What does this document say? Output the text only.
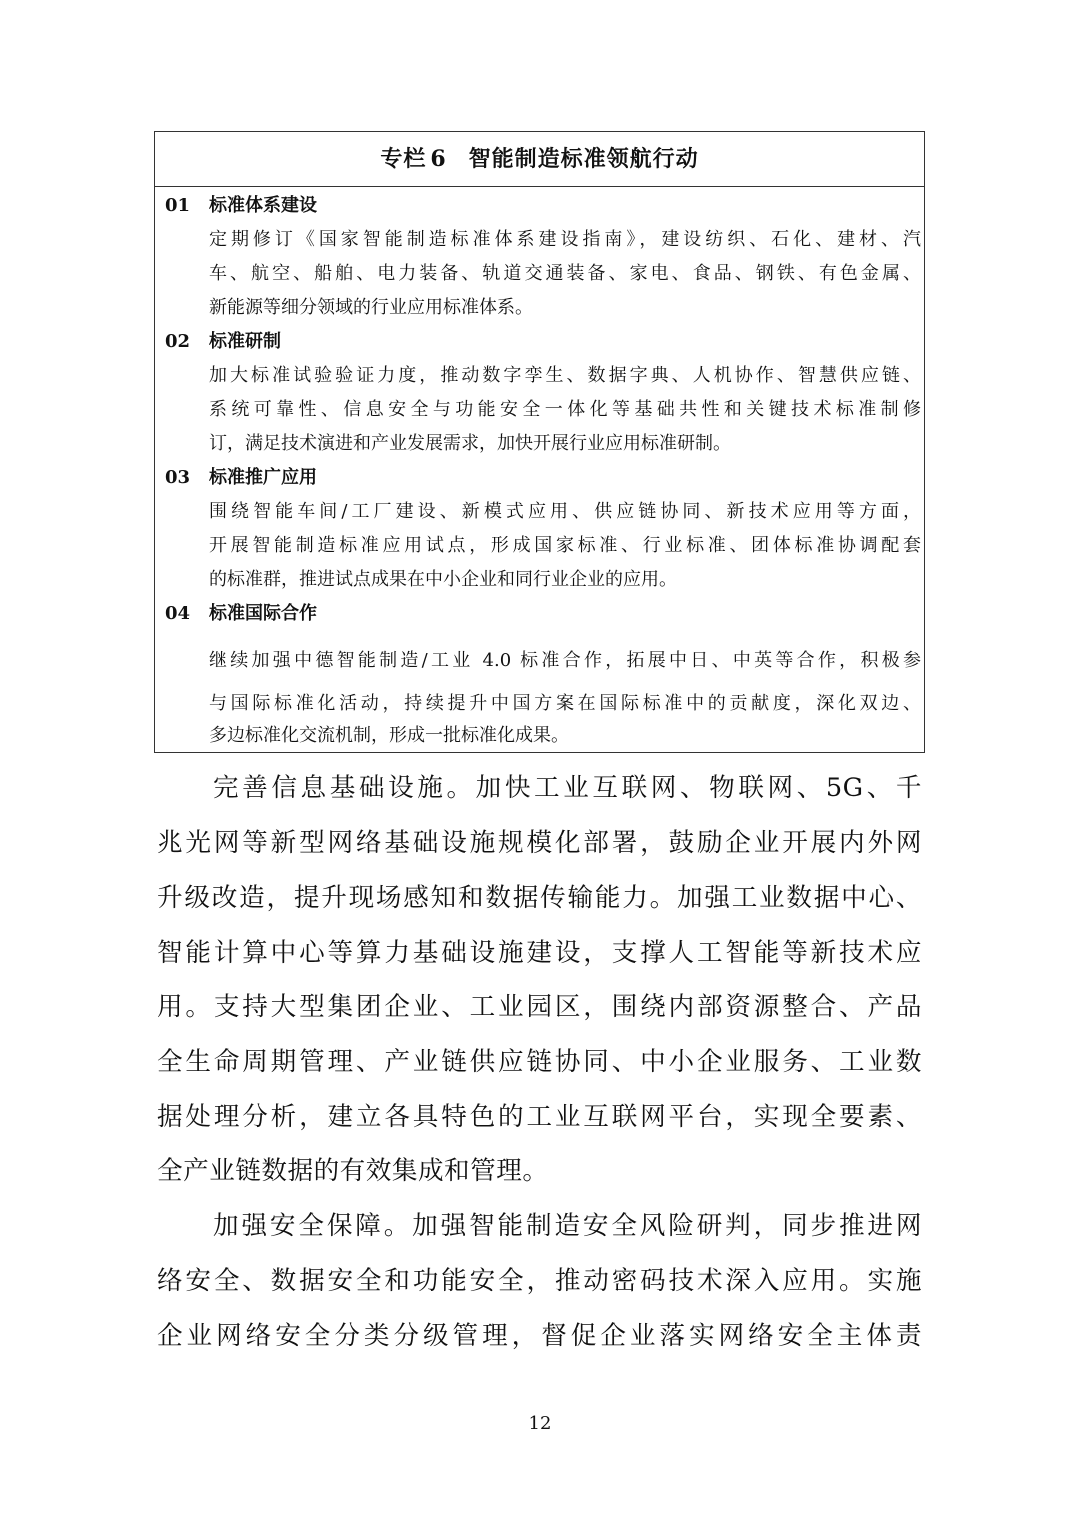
专栏 6 智能制造标准领航行动
01 标准体系建设
定期修订《国家智能制造标准体系建设指南》，建设纺织、石化、建材、汽
车、航空、船舶、电力装备、轨道交通装备、家电、食品、钢铁、有色金属、
新能源等细分领域的行业应用标准体系。
02 标准研制
加大标准试验验证力度，推动数字孪生、数据字典、人机协作、智慧供应链、
系统可靠性、信息安全与功能安全一体化等基础共性和关键技术标准制修
订，满足技术演进和产业发展需求，加快开展行业应用标准研制。
03 标准推广应用
围绕智能车间/工厂建设、新模式应用、供应链协同、新技术应用等方面，
开展智能制造标准应用试点，形成国家标准、行业标准、团体标准协调配套
的标准群，推进试点成果在中小企业和同行业企业的应用。
04 标准国际合作
继续加强中德智能制造/工业 4.0 标准合作，拓展中日、中英等合作，积极参
与国际标准化活动，持续提升中国方案在国际标准中的贡献度，深化双边、
多边标准化交流机制，形成一批标准化成果。
完善信息基础设施。加快工业互联网、物联网、5G、千
兆光网等新型网络基础设施规模化部署，鼓励企业开展内外网
升级改造，提升现场感知和数据传输能力。加强工业数据中心、
智能计算中心等算力基础设施建设，支撑人工智能等新技术应
用。支持大型集团企业、工业园区，围绕内部资源整合、产品
全生命周期管理、产业链供应链协同、中小企业服务、工业数
据处理分析，建立各具特色的工业互联网平台，实现全要素、
全产业链数据的有效集成和管理。
加强安全保障。加强智能制造安全风险研判，同步推进网
络安全、数据安全和功能安全，推动密码技术深入应用。实施
企业网络安全分类分级管理，督促企业落实网络安全主体责
12
